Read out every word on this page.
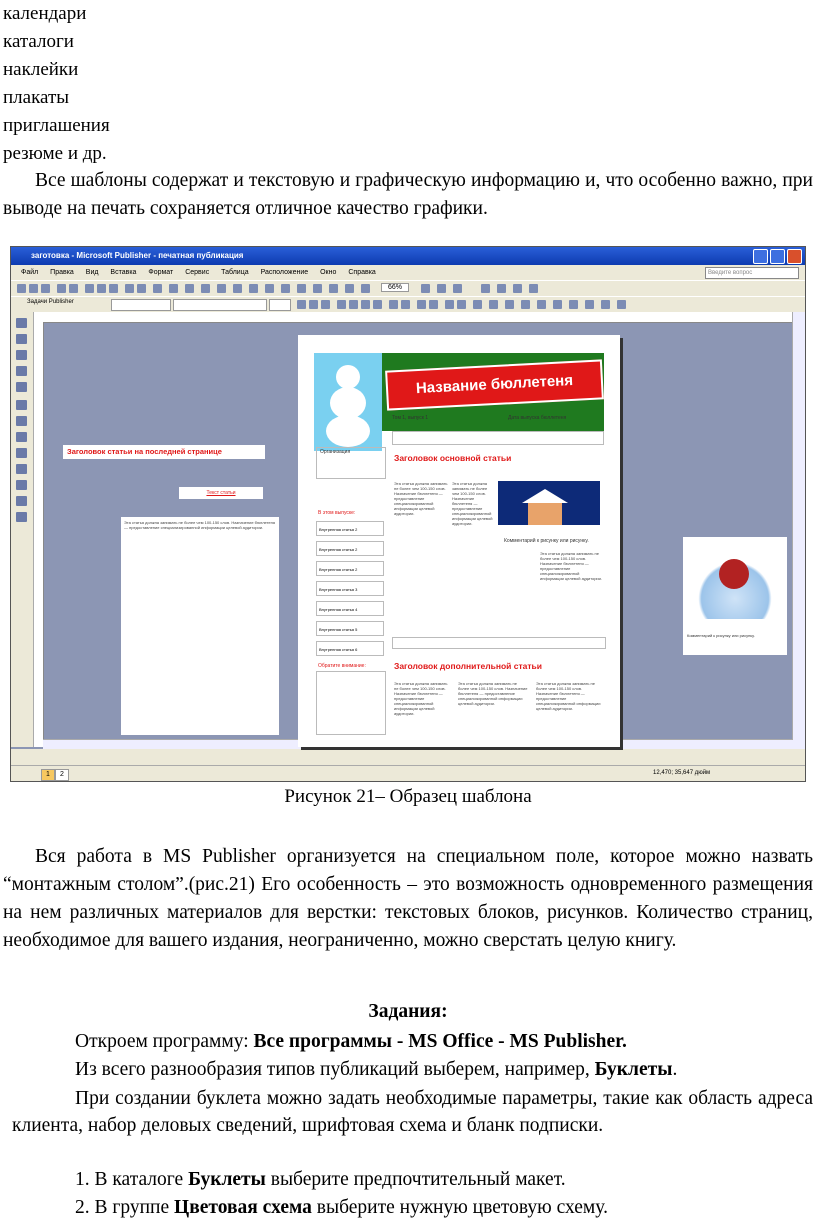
календари
каталоги
наклейки
плакаты
приглашения
резюме и др.
Все шаблоны содержат и текстовую и графическую информацию и, что особенно важно, при выводе на печать сохраняется отличное качество графики.
заготовка - Microsoft Publisher - печатная публикация
Файл Правка Вид Вставка Формат Сервис Таблица Расположение Окно Справка	Введите вопрос
66%
Задачи Publisher
1	2	12,470; 35,647 дюйм
Заголовок статьи на последней странице
Текст статьи
Эта статья должна занимать не более чем 100-150 слов. Назначение бюллетеня — предоставление специализированной информации целевой аудитории.
Комментарий к рисунку или рисунку.
Название бюллетеня
Том 1, выпуск 1	Дата выпуска бюллетеня
Организация
Заголовок основной статьи
В этом выпуске:
Внутренняя статья 2
Внутренняя статья 2
Внутренняя статья 2
Внутренняя статья 3
Внутренняя статья 4
Внутренняя статья 5
Внутренняя статья 6
Обратите внимание:
Эта статья должна занимать не более чем 100-150 слов. Назначение бюллетеня — предоставление специализированной информации целевой аудитории.
Эта статья должна занимать не более чем 100-150 слов. Назначение бюллетеня — предоставление специализированной информации целевой аудитории.
Комментарий к рисунку или рисунку.
Эта статья должна занимать не более чем 100-150 слов. Назначение бюллетеня — предоставление специализированной информации целевой аудитории.
Заголовок дополнительной статьи
Эта статья должна занимать не более чем 100-150 слов. Назначение бюллетеня — предоставление специализированной информации целевой аудитории.
Эта статья должна занимать не более чем 100-150 слов. Назначение бюллетеня — предоставление специализированной информации целевой аудитории.
Эта статья должна занимать не более чем 100-150 слов. Назначение бюллетеня — предоставление специализированной информации целевой аудитории.
Рисунок 21– Образец шаблона
Вся работа в MS Publisher организуется на специальном поле, которое можно назвать “монтажным столом”.(рис.21) Его особенность – это возможность одновременного размещения на нем различных материалов для верстки: текстовых блоков, рисунков. Количество страниц, необходимое для вашего издания, неограниченно, можно сверстать целую книгу.
Задания:
Откроем программу: Все программы - MS Office - MS Publisher.
Из всего разнообразия типов публикаций выберем, например, Буклеты.
При создании буклета можно задать необходимые параметры, такие как область адреса клиента, набор деловых сведений, шрифтовая схема и бланк подписки.
1. В каталоге Буклеты выберите предпочтительный макет.
2. В группе Цветовая схема выберите нужную цветовую схему.
